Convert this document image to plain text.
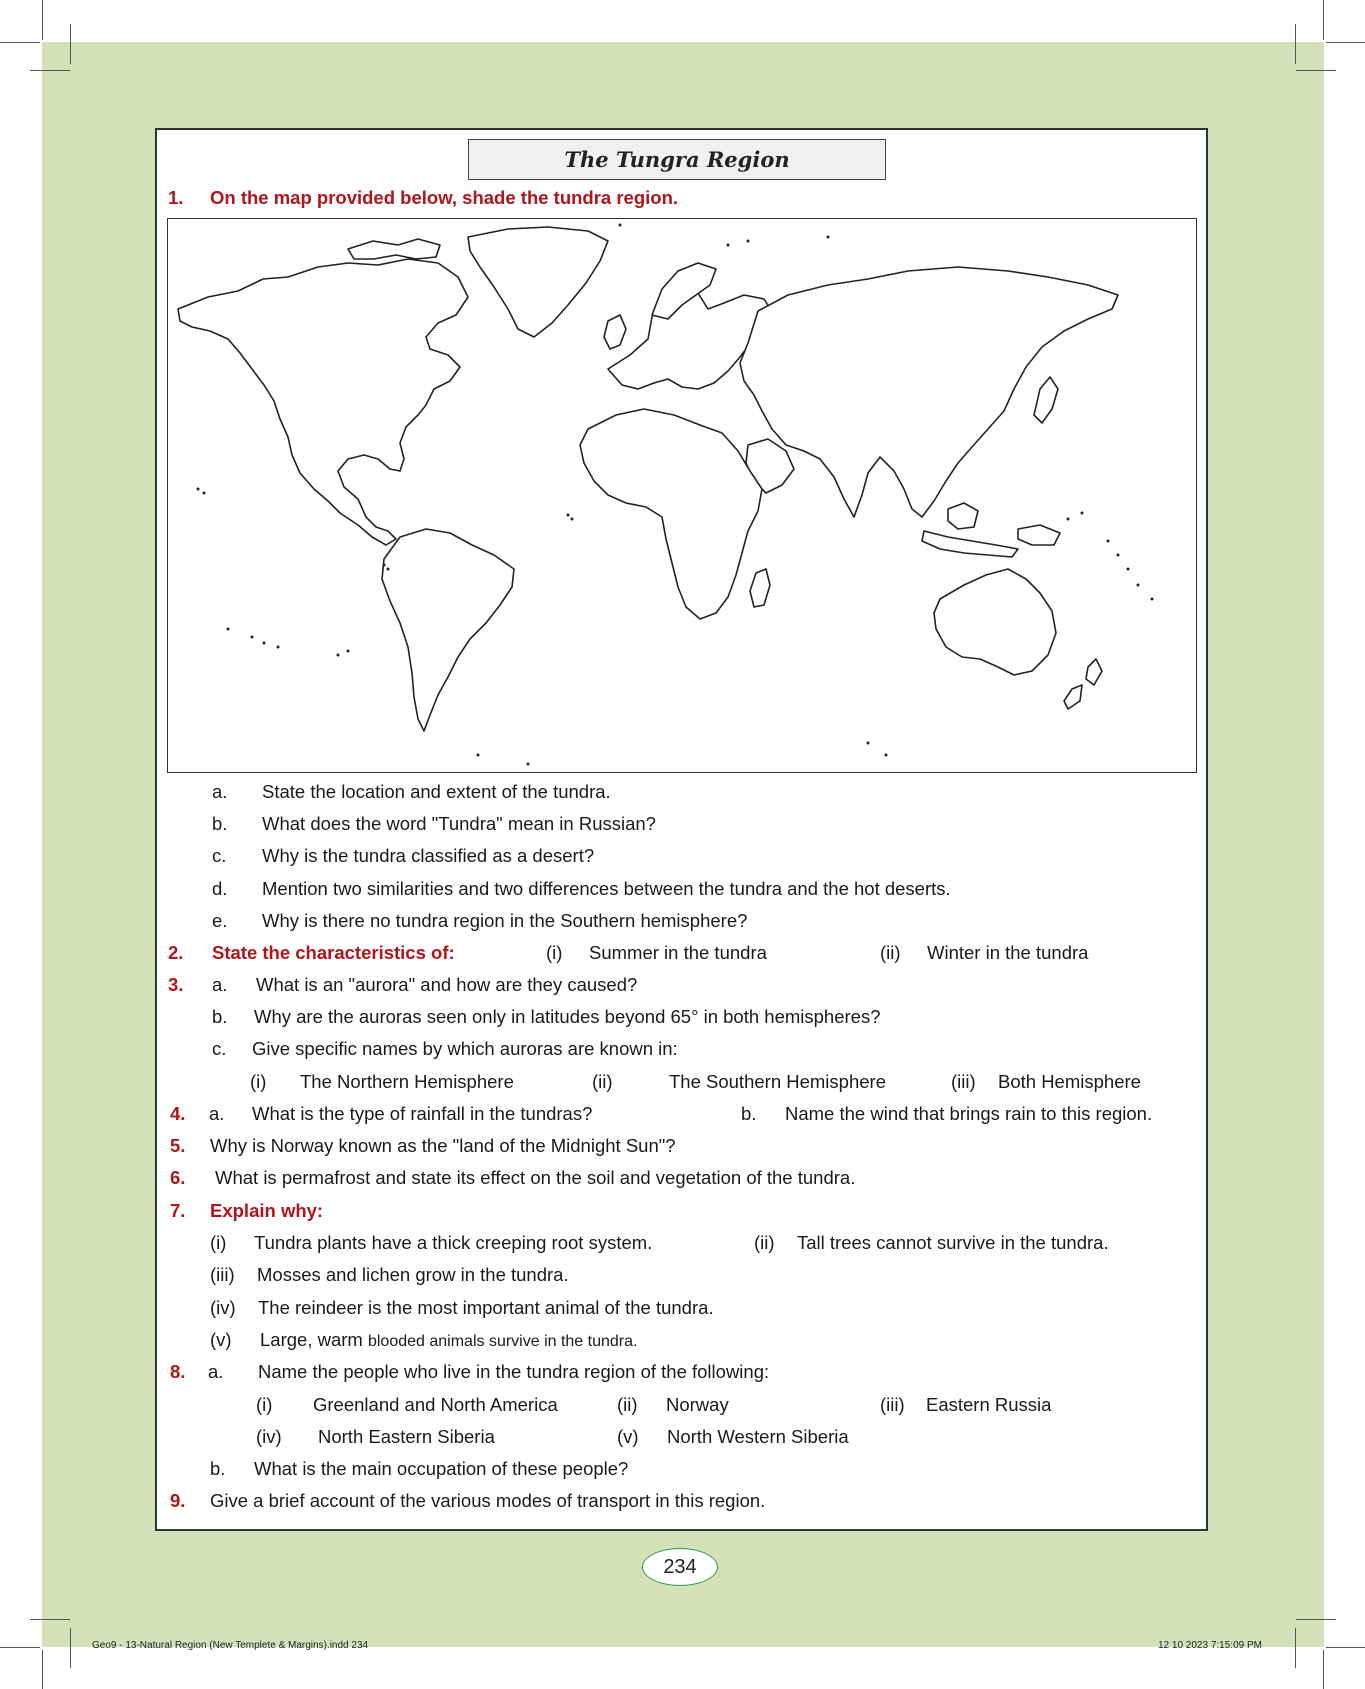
The Tungra Region
1. On the map provided below, shade the tundra region.
a. State the location and extent of the tundra.
b. What does the word "Tundra" mean in Russian?
c. Why is the tundra classified as a desert?
d. Mention two similarities and two differences between the tundra and the hot deserts.
e. Why is there no tundra region in the Southern hemisphere?
2. State the characteristics of:	(i) Summer in the tundra	(ii) Winter in the tundra
3. a. What is an "aurora" and how are they caused?
b. Why are the auroras seen only in latitudes beyond 65° in both hemispheres?
c. Give specific names by which auroras are known in:
(i) The Northern Hemisphere	(ii)	The Southern Hemisphere	(iii) Both Hemisphere
4. a. What is the type of rainfall in the tundras?	b. Name the wind that brings rain to this region.
5. Why is Norway known as the "land of the Midnight Sun"?
6. What is permafrost and state its effect on the soil and vegetation of the tundra.
7. Explain why:
(i) Tundra plants have a thick creeping root system.	(ii) Tall trees cannot survive in the tundra.
(iii) Mosses and lichen grow in the tundra.
(iv) The reindeer is the most important animal of the tundra.
(v) Large, warm blooded animals survive in the tundra.
8. a. Name the people who live in the tundra region of the following:
(i) Greenland and North America	(ii) Norway	(iii) Eastern Russia
(iv) North Eastern Siberia	(v) North Western Siberia
b. What is the main occupation of these people?
9. Give a brief account of the various modes of transport in this region.
234
Geo9 - 13-Natural Region (New Templete & Margins).indd 234	12 10 2023 7:15:09 PM
